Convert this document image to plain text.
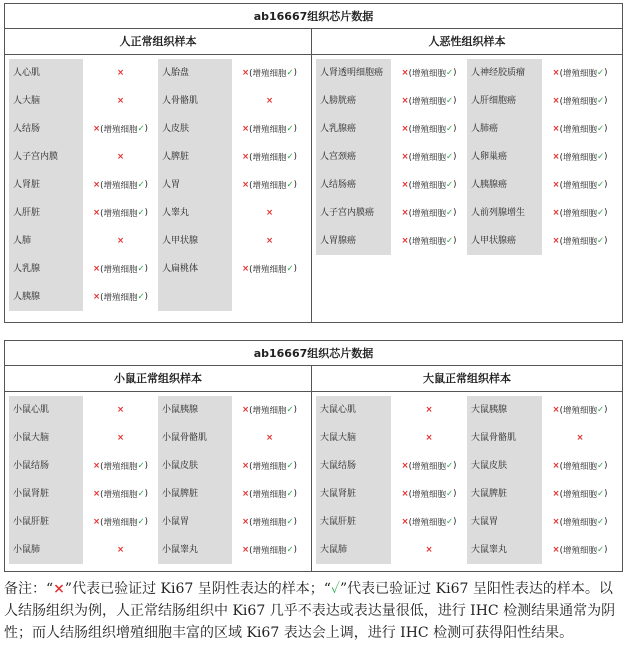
ab16667组织芯片数据
人正常组织样本
人心肌	×	人胎盘	× (增殖细胞 ✓ )
人大脑	×	人骨骼肌	×
人结肠	× (增殖细胞 ✓ )	人皮肤	× (增殖细胞 ✓ )
人子宫内膜	×	人脾脏	× (增殖细胞 ✓ )
人肾脏	× (增殖细胞 ✓ )	人胃	× (增殖细胞 ✓ )
人肝脏	× (增殖细胞 ✓ )	人睾丸	×
人肺	×	人甲状腺	×
人乳腺	× (增殖细胞 ✓ )	人扁桃体	× (增殖细胞 ✓ )
人胰腺	× (增殖细胞 ✓ )
人恶性组织样本
人肾透明细胞癌	× (增殖细胞 ✓ )	人神经胶质瘤	× (增殖细胞 ✓ )
人膀胱癌	× (增殖细胞 ✓ )	人肝细胞癌	× (增殖细胞 ✓ )
人乳腺癌	× (增殖细胞 ✓ )	人肺癌	× (增殖细胞 ✓ )
人宫颈癌	× (增殖细胞 ✓ )	人卵巢癌	× (增殖细胞 ✓ )
人结肠癌	× (增殖细胞 ✓ )	人胰腺癌	× (增殖细胞 ✓ )
人子宫内膜癌	× (增殖细胞 ✓ )	人前列腺增生	× (增殖细胞 ✓ )
人胃腺癌	× (增殖细胞 ✓ )	人甲状腺癌	× (增殖细胞 ✓ )
ab16667组织芯片数据
小鼠正常组织样本
小鼠心肌	×	小鼠胰腺	× (增殖细胞 ✓ )
小鼠大脑	×	小鼠骨骼肌	×
小鼠结肠	× (增殖细胞 ✓ )	小鼠皮肤	× (增殖细胞 ✓ )
小鼠肾脏	× (增殖细胞 ✓ )	小鼠脾脏	× (增殖细胞 ✓ )
小鼠肝脏	× (增殖细胞 ✓ )	小鼠胃	× (增殖细胞 ✓ )
小鼠肺	×	小鼠睾丸	× (增殖细胞 ✓ )
大鼠正常组织样本
大鼠心肌	×	大鼠胰腺	× (增殖细胞 ✓ )
大鼠大脑	×	大鼠骨骼肌	×
大鼠结肠	× (增殖细胞 ✓ )	大鼠皮肤	× (增殖细胞 ✓ )
大鼠肾脏	× (增殖细胞 ✓ )	大鼠脾脏	× (增殖细胞 ✓ )
大鼠肝脏	× (增殖细胞 ✓ )	大鼠胃	× (增殖细胞 ✓ )
大鼠肺	×	大鼠睾丸	× (增殖细胞 ✓ )
备注：“×”代表已验证过 Ki67 呈阴性表达的样本；“✓”代表已验证过 Ki67 呈阳性表达的样本。以人结肠组织为例，人正常结肠组织中 Ki67 几乎不表达或表达量很低，进行 IHC 检测结果通常为阴性；而人结肠组织增殖细胞丰富的区域 Ki67 表达会上调，进行 IHC 检测可获得阳性结果。
